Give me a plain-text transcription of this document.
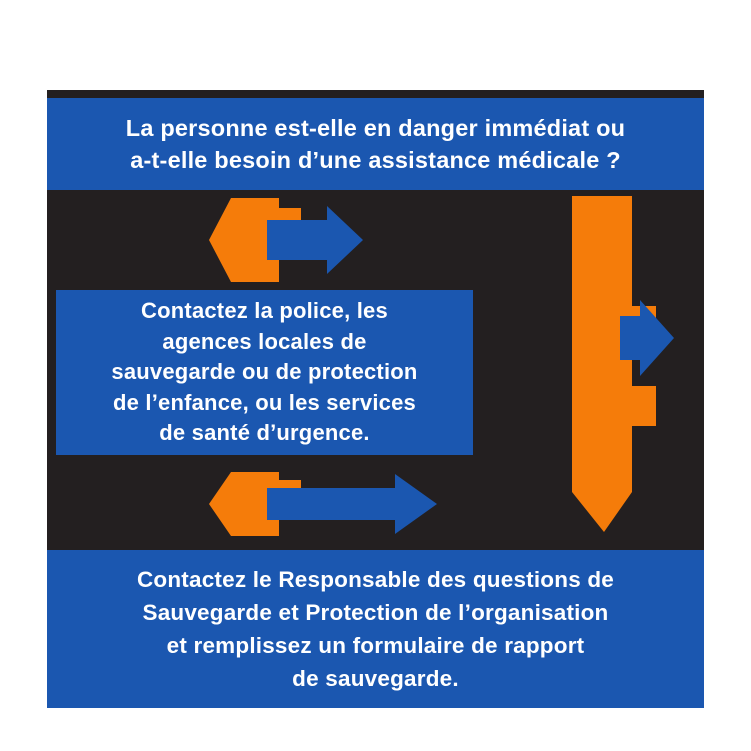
La personne est-elle en danger immédiat ou
a-t-elle besoin d’une assistance médicale ?
Contactez la police, les
agences locales de
sauvegarde ou de protection
de l’enfance, ou les services
de santé d’urgence.
Contactez le Responsable des questions de
Sauvegarde et Protection de l’organisation
et remplissez un formulaire de rapport
de sauvegarde.
